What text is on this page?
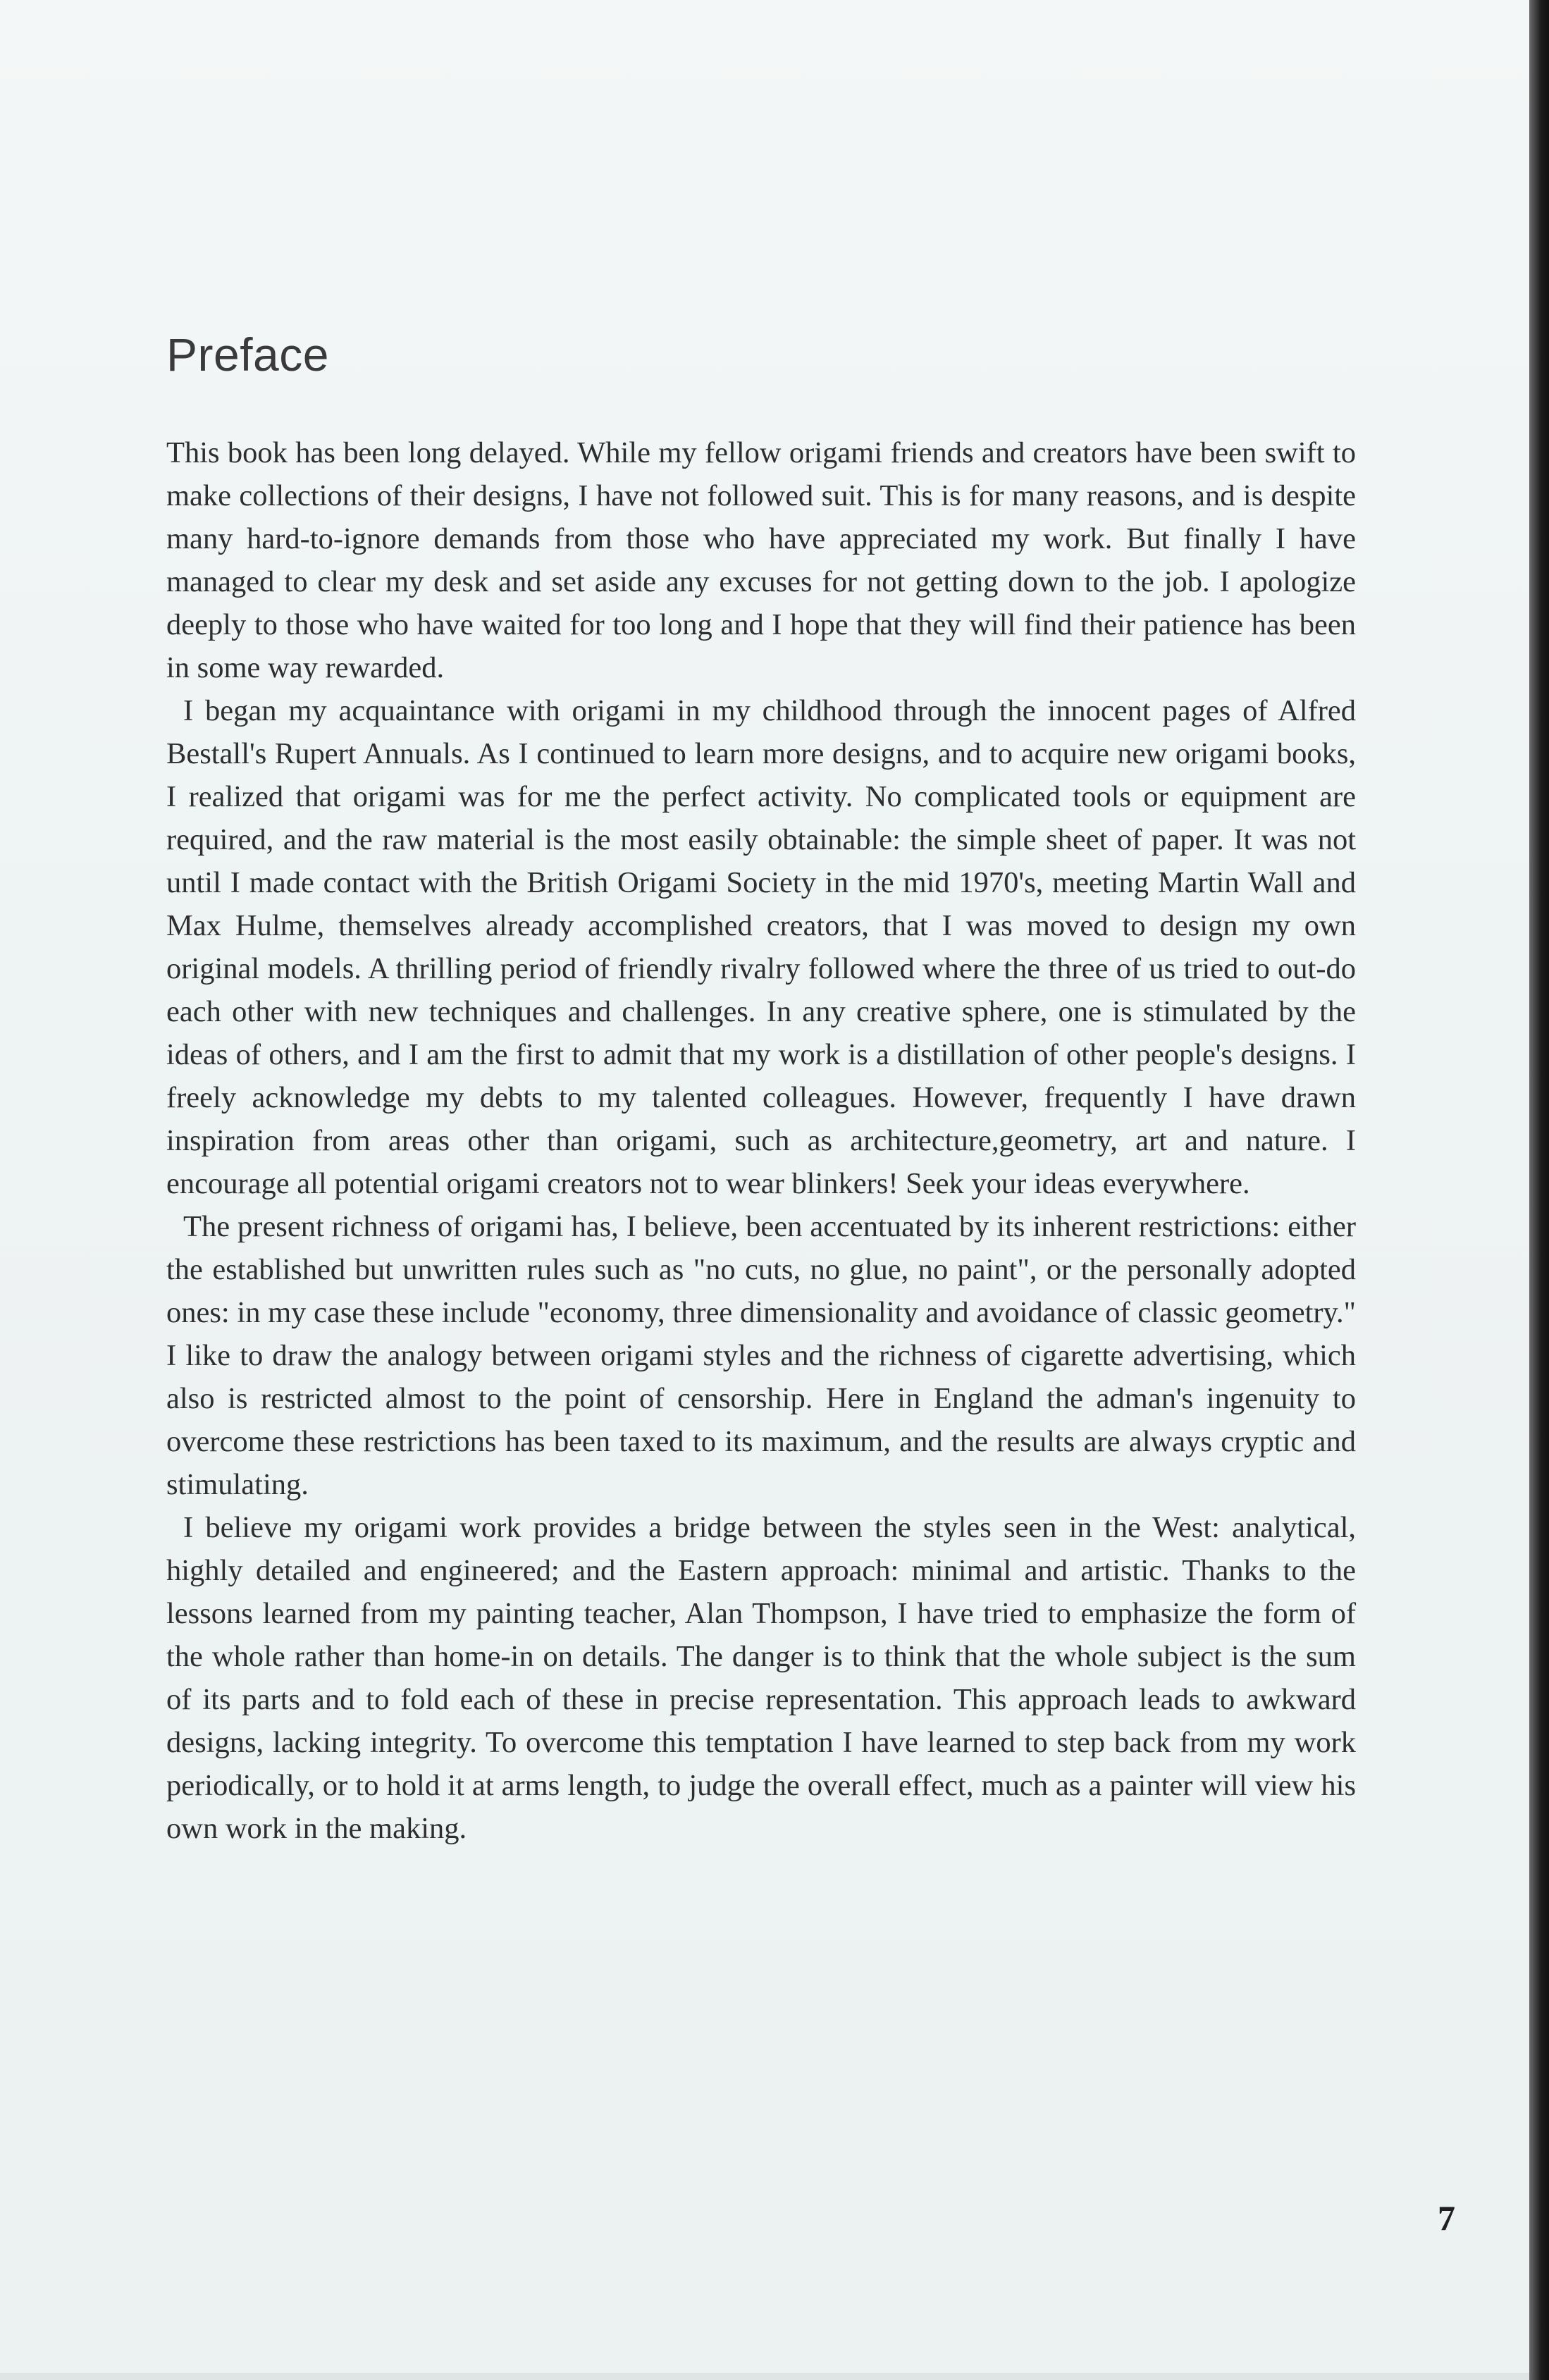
Preface

This book has been long delayed. While my fellow origami friends and creators have been swift to make collections of their designs, I have not followed suit. This is for many reasons, and is despite many hard-to-ignore demands from those who have appreciated my work. But finally I have managed to clear my desk and set aside any excuses for not getting down to the job. I apologize deeply to those who have waited for too long and I hope that they will find their patience has been in some way rewarded.

I began my acquaintance with origami in my childhood through the innocent pages of Alfred Bestall's Rupert Annuals. As I continued to learn more designs, and to acquire new origami books, I realized that origami was for me the perfect activity. No complicated tools or equipment are required, and the raw material is the most easily obtainable: the simple sheet of paper. It was not until I made contact with the British Origami Society in the mid 1970's, meeting Martin Wall and Max Hulme, themselves already accomplished creators, that I was moved to design my own original models. A thrilling period of friendly rivalry followed where the three of us tried to out-do each other with new techniques and challenges. In any creative sphere, one is stimulated by the ideas of others, and I am the first to admit that my work is a distillation of other people's designs. I freely acknowledge my debts to my talented colleagues. However, frequently I have drawn inspiration from areas other than origami, such as architecture,geometry, art and nature. I encourage all potential origami creators not to wear blinkers! Seek your ideas everywhere.

The present richness of origami has, I believe, been accentuated by its inherent restrictions: either the established but unwritten rules such as "no cuts, no glue, no paint", or the personally adopted ones: in my case these include "economy, three dimensionality and avoidance of classic geometry." I like to draw the analogy between origami styles and the richness of cigarette advertising, which also is restricted almost to the point of censorship. Here in England the adman's ingenuity to overcome these restrictions has been taxed to its maximum, and the results are always cryptic and stimulating.

I believe my origami work provides a bridge between the styles seen in the West: analytical, highly detailed and engineered; and the Eastern approach: minimal and artistic. Thanks to the lessons learned from my painting teacher, Alan Thompson, I have tried to emphasize the form of the whole rather than home-in on details. The danger is to think that the whole subject is the sum of its parts and to fold each of these in precise representation. This approach leads to awkward designs, lacking integrity. To overcome this temptation I have learned to step back from my work periodically, or to hold it at arms length, to judge the overall effect, much as a painter will view his own work in the making.

7
